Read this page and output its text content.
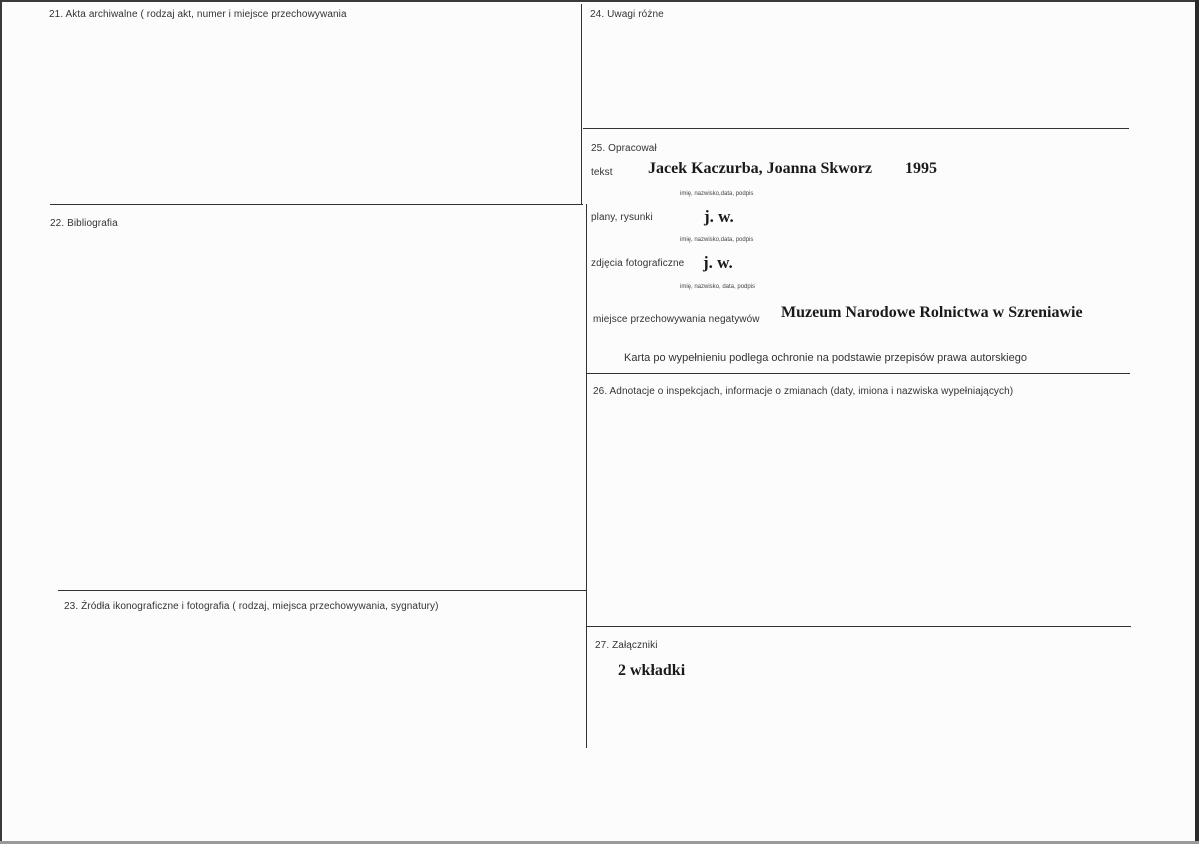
21. Akta archiwalne ( rodzaj akt, numer i miejsce przechowywania
22. Bibliografia
23. Źródła ikonograficzne i fotografia ( rodzaj, miejsca przechowywania, sygnatury)
24. Uwagi różne
25. Opracował
tekst Jacek Kaczurba, Joanna Skworz 1995
imię, nazwisko,data, podpis
plany, rysunki	j. w.
imię, nazwisko,data, podpis
zdjęcia fotograficzne j. w.
imię, nazwisko, data, podpis
miejsce przechowywania negatywów Muzeum Narodowe Rolnictwa w Szreniawie
Karta po wypełnieniu podlega ochronie na podstawie przepisów prawa autorskiego
26. Adnotacje o inspekcjach, informacje o zmianach (daty, imiona i nazwiska wypełniających)
27. Załączniki
2 wkładki
